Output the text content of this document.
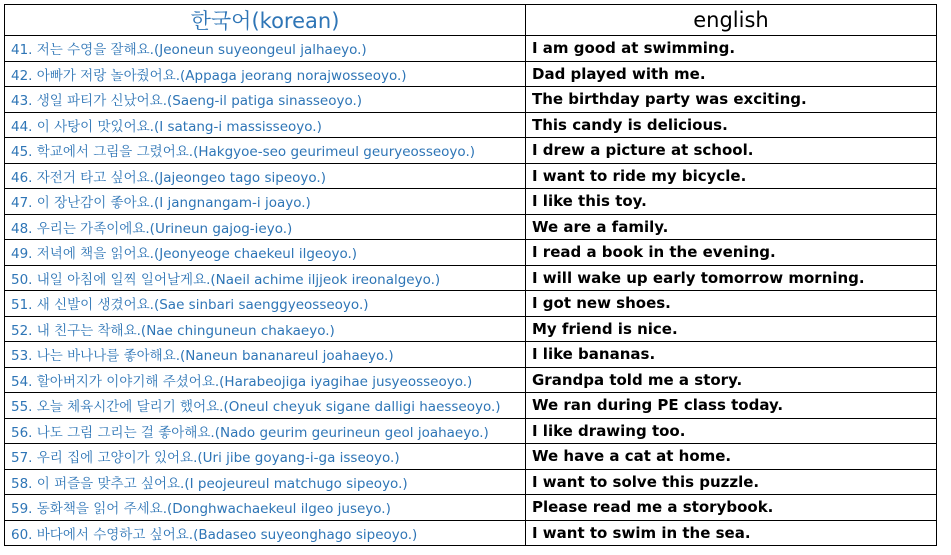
한국어(korean)	english
41. 저는 수영을 잘해요.(Jeoneun suyeongeul jalhaeyo.)	I am good at swimming.
42. 아빠가 저랑 놀아줬어요.(Appaga jeorang norajwosseoyo.)	Dad played with me.
43. 생일 파티가 신났어요.(Saeng-il patiga sinasseoyo.)	The birthday party was exciting.
44. 이 사탕이 맛있어요.(I satang-i massisseoyo.)	This candy is delicious.
45. 학교에서 그림을 그렸어요.(Hakgyoe-seo geurimeul geuryeosseoyo.)	I drew a picture at school.
46. 자전거 타고 싶어요.(Jajeongeo tago sipeoyo.)	I want to ride my bicycle.
47. 이 장난감이 좋아요.(I jangnangam-i joayo.)	I like this toy.
48. 우리는 가족이에요.(Urineun gajog-ieyo.)	We are a family.
49. 저녁에 책을 읽어요.(Jeonyeoge chaekeul ilgeoyo.)	I read a book in the evening.
50. 내일 아침에 일찍 일어날게요.(Naeil achime iljjeok ireonalgeyo.)	I will wake up early tomorrow morning.
51. 새 신발이 생겼어요.(Sae sinbari saenggyeosseoyo.)	I got new shoes.
52. 내 친구는 착해요.(Nae chinguneun chakaeyo.)	My friend is nice.
53. 나는 바나나를 좋아해요.(Naneun bananareul joahaeyo.)	I like bananas.
54. 할아버지가 이야기해 주셨어요.(Harabeojiga iyagihae jusyeosseoyo.)	Grandpa told me a story.
55. 오늘 체육시간에 달리기 했어요.(Oneul cheyuk sigane dalligi haesseoyo.)	We ran during PE class today.
56. 나도 그림 그리는 걸 좋아해요.(Nado geurim geurineun geol joahaeyo.)	I like drawing too.
57. 우리 집에 고양이가 있어요.(Uri jibe goyang-i-ga isseoyo.)	We have a cat at home.
58. 이 퍼즐을 맞추고 싶어요.(I peojeureul matchugo sipeoyo.)	I want to solve this puzzle.
59. 동화책을 읽어 주세요.(Donghwachaekeul ilgeo juseyo.)	Please read me a storybook.
60. 바다에서 수영하고 싶어요.(Badaseo suyeonghago sipeoyo.)	I want to swim in the sea.
